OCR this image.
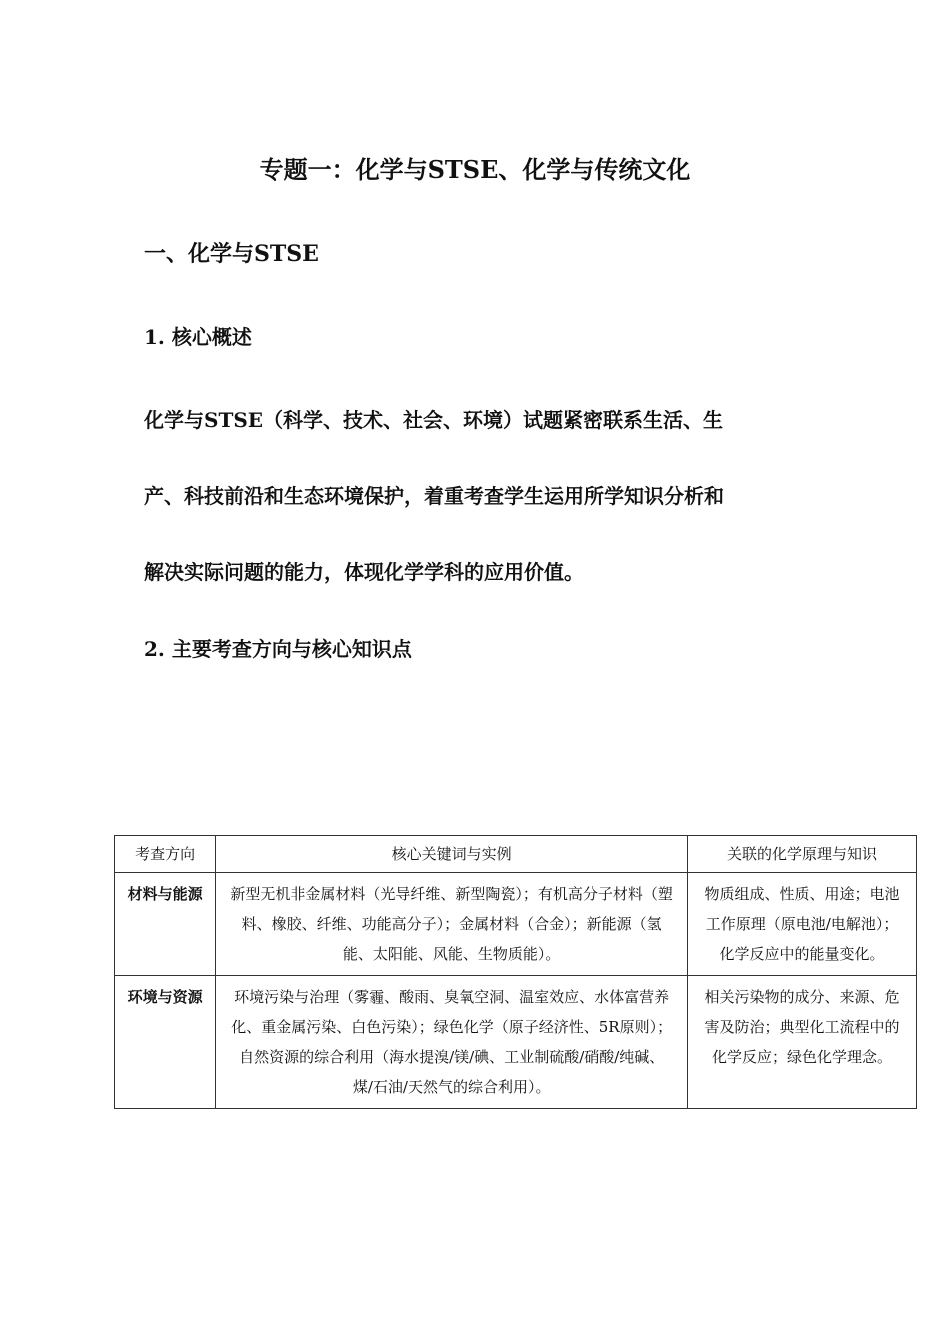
专题一：化学与STSE、化学与传统文化
一、化学与STSE
1. 核心概述

化学与STSE（科学、技术、社会、环境）试题紧密联系生活、生
产、科技前沿和生态环境保护，着重考查学生运用所学知识分析和
解决实际问题的能力，体现化学学科的应用价值。

2. 主要考查方向与核心知识点
考查方向	核心关键词与实例	关联的化学原理与知识
材料与能源	新型无机非金属材料（光导纤维、新型陶瓷）；有机高分子材料（塑料、橡胶、纤维、功能高分子）；金属材料（合金）；新能源（氢能、太阳能、风能、生物质能）。	物质组成、性质、用途；电池工作原理（原电池/电解池）；化学反应中的能量变化。
环境与资源	环境污染与治理（雾霾、酸雨、臭氧空洞、温室效应、水体富营养化、重金属污染、白色污染）；绿色化学（原子经济性、5R原则）；自然资源的综合利用（海水提溴/镁/碘、工业制硫酸/硝酸/纯碱、煤/石油/天然气的综合利用）。	相关污染物的成分、来源、危害及防治；典型化工流程中的化学反应；绿色化学理念。
